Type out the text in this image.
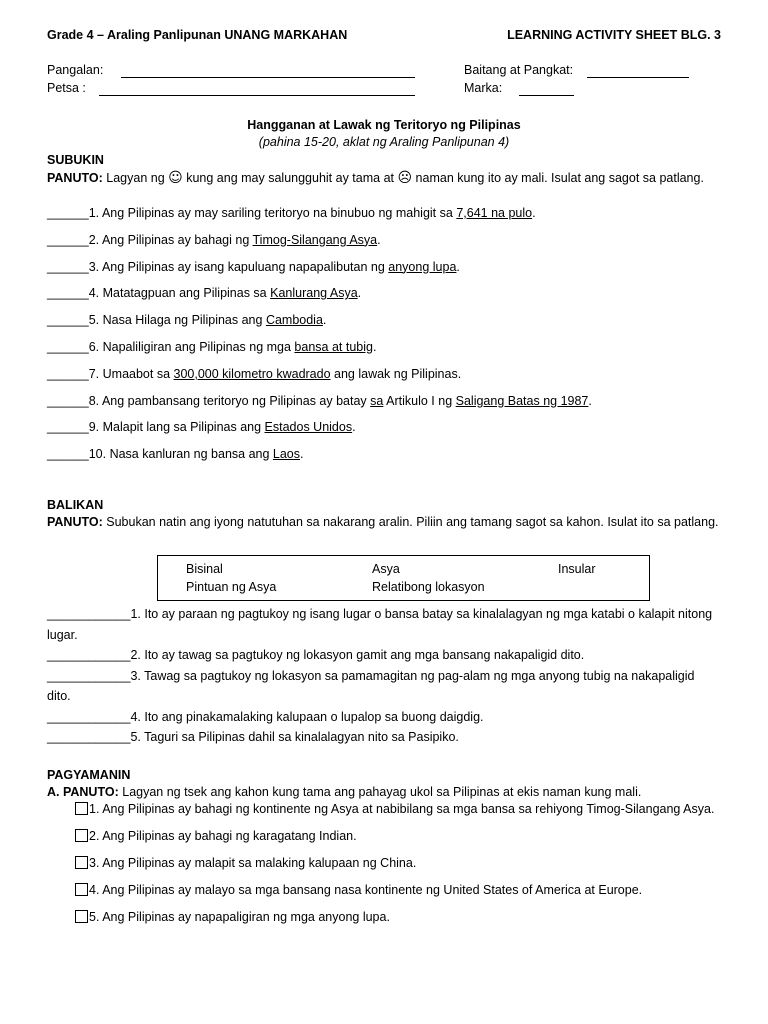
Grade 4 – Araling Panlipunan UNANG MARKAHAN	LEARNING ACTIVITY SHEET BLG. 3
Pangalan:
Petsa :
Baitang at Pangkat:
Marka:
Hangganan at Lawak ng Teritoryo ng Pilipinas
(pahina 15-20, aklat ng Araling Panlipunan 4)
SUBUKIN
PANUTO: Lagyan ng ☺ kung ang may salungguhit ay tama at ☹ naman kung ito ay mali. Isulat ang sagot sa patlang.
______1. Ang Pilipinas ay may sariling teritoryo na binubuo ng mahigit sa 7,641 na pulo.
______2. Ang Pilipinas ay bahagi ng Timog-Silangang Asya.
______3. Ang Pilipinas ay isang kapuluang napapalibutan ng anyong lupa.
______4. Matatagpuan ang Pilipinas sa Kanlurang Asya.
______5. Nasa Hilaga ng Pilipinas ang Cambodia.
______6. Napaliligiran ang Pilipinas ng mga bansa at tubig.
______7. Umaabot sa 300,000 kilometro kwadrado ang lawak ng Pilipinas.
______8. Ang pambansang teritoryo ng Pilipinas ay batay sa Artikulo I ng Saligang Batas ng 1987.
______9. Malapit lang sa Pilipinas ang Estados Unidos.
______10. Nasa kanluran ng bansa ang Laos.
BALIKAN
PANUTO: Subukan natin ang iyong natutuhan sa nakarang aralin. Piliin ang tamang sagot sa kahon. Isulat ito sa patlang.
Bisinal	Asya	Insular
Pintuan ng Asya	Relatibong lokasyon
____________1. Ito ay paraan ng pagtukoy ng isang lugar o bansa batay sa kinalalagyan ng mga katabi o kalapit nitong lugar.
____________2. Ito ay tawag sa pagtukoy ng lokasyon gamit ang mga bansang nakapaligid dito.
____________3. Tawag sa pagtukoy ng lokasyon sa pamamagitan ng pag-alam ng mga anyong tubig na nakapaligid dito.
____________4. Ito ang pinakamalaking kalupaan o lupalop sa buong daigdig.
____________5. Taguri sa Pilipinas dahil sa kinalalagyan nito sa Pasipiko.
PAGYAMANIN
A. PANUTO: Lagyan ng tsek ang kahon kung tama ang pahayag ukol sa Pilipinas at ekis naman kung mali.
1. Ang Pilipinas ay bahagi ng kontinente ng Asya at nabibilang sa mga bansa sa rehiyong Timog-Silangang Asya.
2. Ang Pilipinas ay bahagi ng karagatang Indian.
3. Ang Pilipinas ay malapit sa malaking kalupaan ng China.
4. Ang Pilipinas ay malayo sa mga bansang nasa kontinente ng United States of America at Europe.
5. Ang Pilipinas ay napapaligiran ng mga anyong lupa.
